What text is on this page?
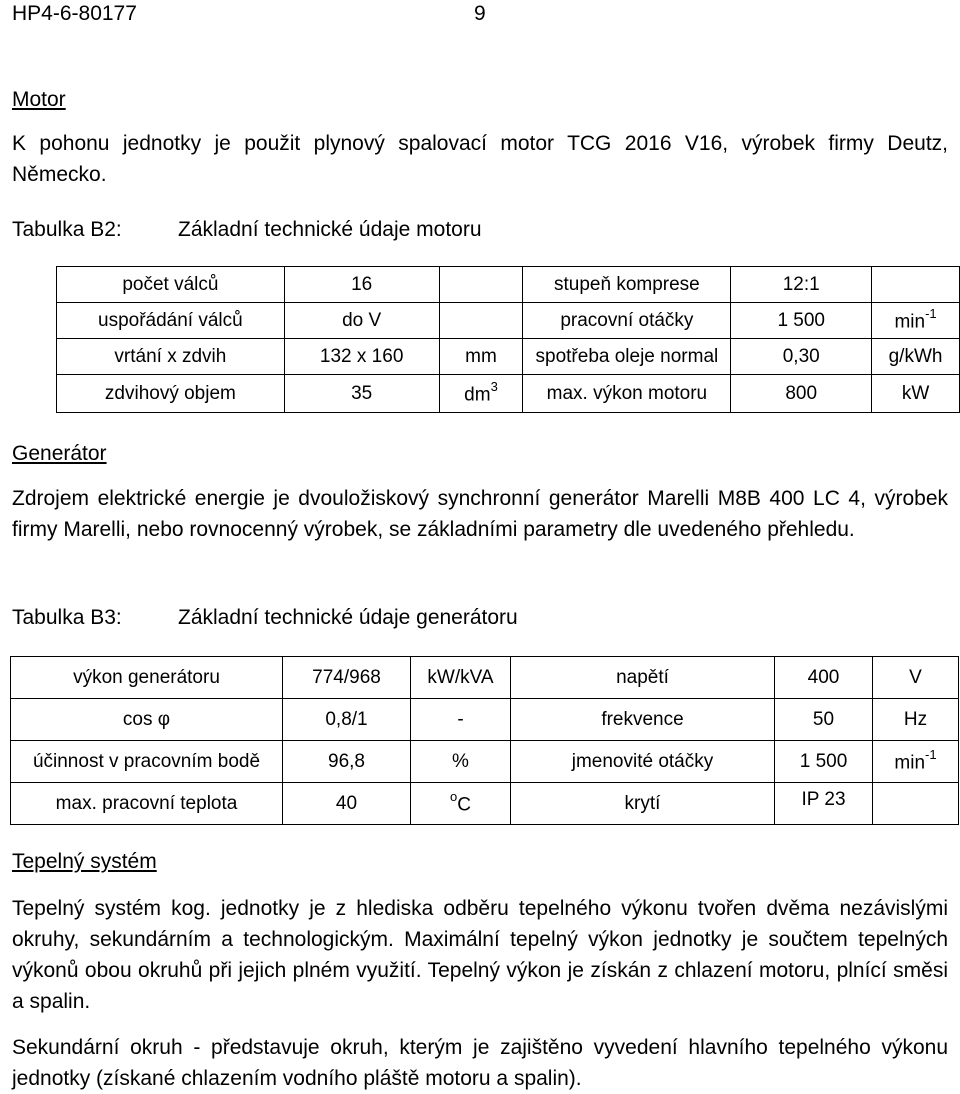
HP4-6-80177	9
Motor
K pohonu jednotky je použit plynový spalovací motor TCG 2016 V16, výrobek firmy Deutz, Německo.
Tabulka B2:	Základní technické údaje motoru
počet válců	16		stupeň komprese	12:1	
uspořádání válců	do V		pracovní otáčky	1 500	$\min^{-1}$
vrtání x zdvih	132 x 160	mm	spotřeba oleje normal	0,30	g/kWh
zdvihový objem	35	$dm^3$	max. výkon motoru	800	kW
Generátor
Zdrojem elektrické energie je dvouložiskový synchronní generátor Marelli M8B 400 LC 4, výrobek firmy Marelli, nebo rovnocenný výrobek, se základními parametry dle uvedeného přehledu.
Tabulka B3:	Základní technické údaje generátoru
výkon generátoru	774/968	kW/kVA	napětí	400	V
cos φ	0,8/1	-	frekvence	50	Hz
účinnost v pracovním bodě	96,8	%	jmenovité otáčky	1 500	$\min^{-1}$
max. pracovní teplota	40	$^o$C	krytí	IP 23	
Tepelný systém
Tepelný systém kog. jednotky je z hlediska odběru tepelného výkonu tvořen dvěma nezávislými okruhy, sekundárním a technologickým. Maximální tepelný výkon jednotky je součtem tepelných výkonů obou okruhů při jejich plném využití. Tepelný výkon je získán z chlazení motoru, plnící směsi a spalin.
Sekundární okruh - představuje okruh, kterým je zajištěno vyvedení hlavního tepelného výkonu jednotky (získané chlazením vodního pláště motoru a spalin).
